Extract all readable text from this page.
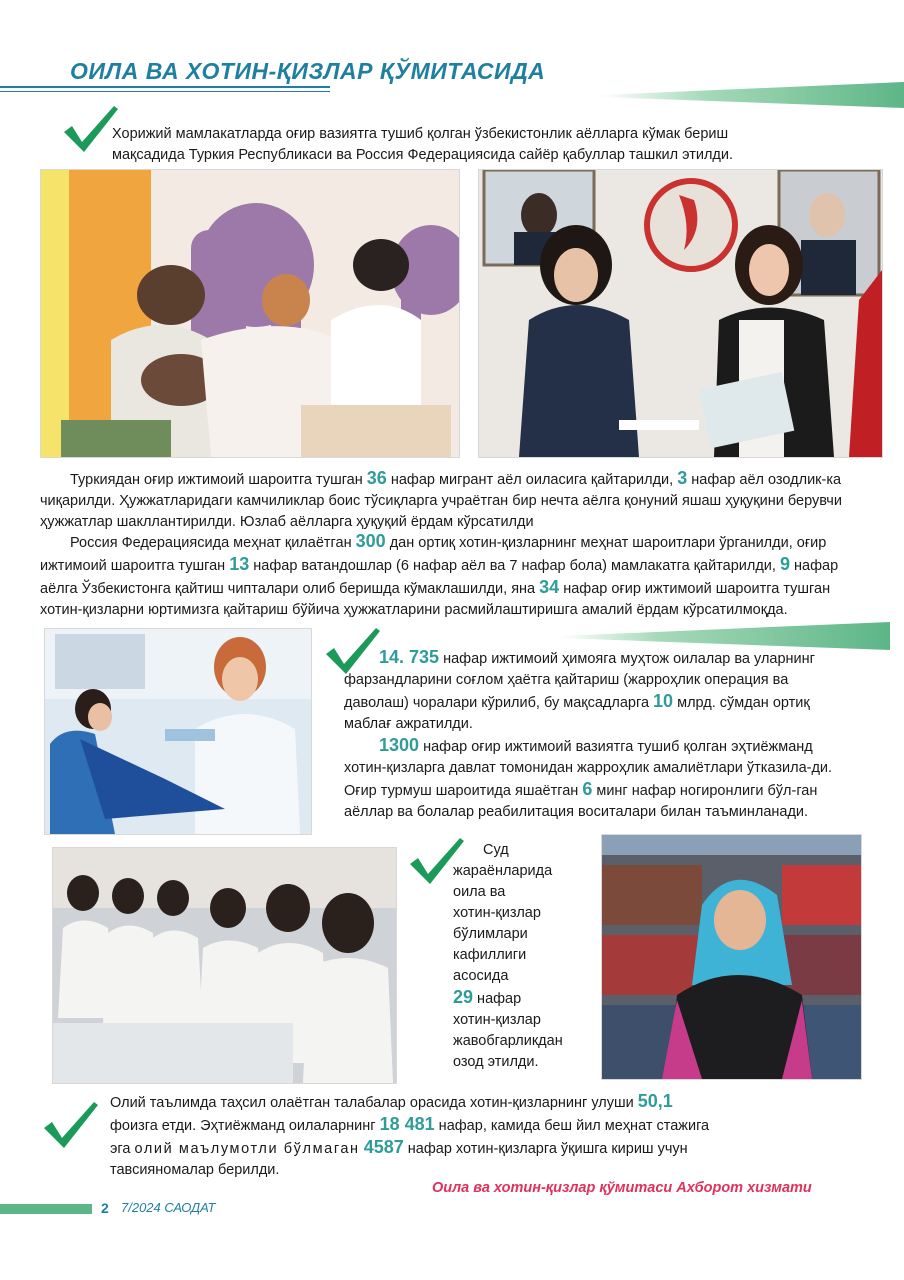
ОИЛА ВА ХОТИН-ҚИЗЛАР ҚЎМИТАСИДА
Хорижий мамлакатларда оғир вазиятга тушиб қолган ўзбекистонлик аёлларга кўмак бериш мақсадида Туркия Республикаси ва Россия Федерациясида сайёр қабуллар ташкил этилди.
Туркиядан оғир ижтимоий шароитга тушган 36 нафар мигрант аёл оиласига қайтарилди, 3 нафар аёл озодлик-ка чиқарилди. Ҳужжатларидаги камчиликлар боис тўсиқларга учраётган бир нечта аёлга қонуний яшаш ҳуқуқини берувчи ҳужжатлар шакллантирилди. Юзлаб аёлларга ҳуқуқий ёрдам кўрсатилди
Россия Федерациясида меҳнат қилаётган 300 дан ортиқ хотин-қизларнинг меҳнат шароитлари ўрганилди, оғир ижтимоий шароитга тушган 13 нафар ватандошлар (6 нафар аёл ва 7 нафар бола) мамлакатга қайтарилди, 9 нафар аёлга Ўзбекистонга қайтиш чипталари олиб беришда кўмаклашилди, яна 34 нафар оғир ижтимоий шароитга тушган хотин-қизларни юртимизга қайтариш бўйича ҳужжатларини расмийлаштиришга амалий ёрдам кўрсатилмоқда.
14. 735 нафар ижтимоий ҳимояга муҳтож оилалар ва уларнинг фарзандларини соғлом ҳаётга қайтариш (жарроҳлик операция ва даволаш) чоралари кўрилиб, бу мақсадларга 10 млрд. сўмдан ортиқ маблағ ажратилди.
1300 нафар оғир ижтимоий вазиятга тушиб қолган эҳтиёжманд хотин-қизларга давлат томонидан жарроҳлик амалиётлари ўтказила-ди. Оғир турмуш шароитида яшаётган 6 минг нафар ногиронлиги бўл-ган аёллар ва болалар реабилитация воситалари билан таъминланади.
Суд
жараёнларида
оила ва
хотин-қизлар
бўлимлари
кафиллиги
асосида
29 нафар
хотин-қизлар
жавобгарликдан
озод этилди.
Олий таълимда таҳсил олаётган талабалар орасида хотин-қизларнинг улуши 50,1
фоизга етди. Эҳтиёжманд оилаларнинг 18 481 нафар, камида беш йил меҳнат стажига эга олий маълумотли бўлмаган 4587 нафар хотин-қизларга ўқишга кириш учун тавсияномалар берилди.
Оила ва хотин-қизлар қўмитаси Ахборот хизмати
2 7/2024 САОДАТ
